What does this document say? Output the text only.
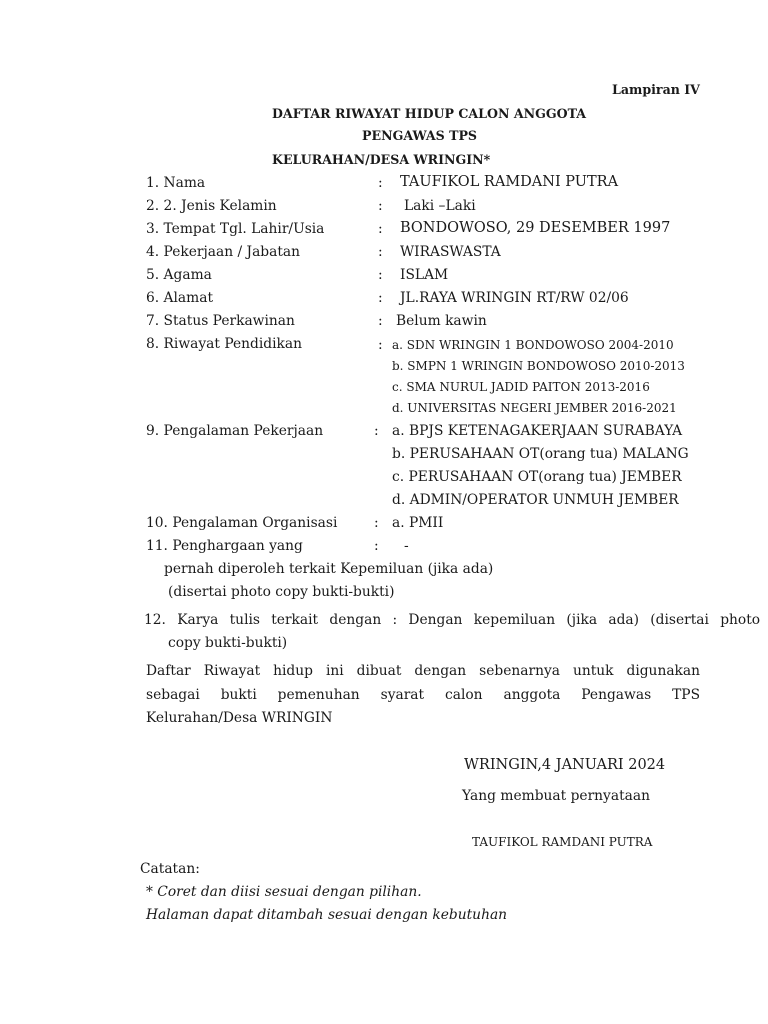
Lampiran IV
DAFTAR RIWAYAT HIDUP CALON ANGGOTA
PENGAWAS TPS
KELURAHAN/DESA WRINGIN*
1. Nama	: TAUFIKOL RAMDANI PUTRA
2. 2. Jenis Kelamin	: Laki –Laki
3. Tempat Tgl. Lahir/Usia	: BONDOWOSO, 29 DESEMBER 1997
4. Pekerjaan / Jabatan	: WIRASWASTA
5. Agama	: ISLAM
6. Alamat	: JL.RAYA WRINGIN RT/RW 02/06
7. Status Perkawinan	: Belum kawin
8. Riwayat Pendidikan	: a. SDN WRINGIN 1 BONDOWOSO 2004-2010
b. SMPN 1 WRINGIN BONDOWOSO 2010-2013
c. SMA NURUL JADID PAITON 2013-2016
d. UNIVERSITAS NEGERI JEMBER 2016-2021
9. Pengalaman Pekerjaan	: a. BPJS KETENAGAKERJAAN SURABAYA
b. PERUSAHAAN OT(orang tua) MALANG
c. PERUSAHAAN OT(orang tua) JEMBER
d. ADMIN/OPERATOR UNMUH JEMBER
10. Pengalaman Organisasi	: a. PMII
11. Penghargaan yang	: -
pernah diperoleh terkait Kepemiluan (jika ada)
(disertai photo copy bukti-bukti)
12. Karya tulis terkait dengan : Dengan kepemiluan (jika ada) (disertai photo
copy bukti-bukti)
Daftar Riwayat hidup ini dibuat dengan sebenarnya untuk digunakan
sebagai bukti pemenuhan syarat calon anggota Pengawas TPS
Kelurahan/Desa WRINGIN
WRINGIN,4 JANUARI 2024
Yang membuat pernyataan
TAUFIKOL RAMDANI PUTRA
Catatan:
* Coret dan diisi sesuai dengan pilihan.
Halaman dapat ditambah sesuai dengan kebutuhan
